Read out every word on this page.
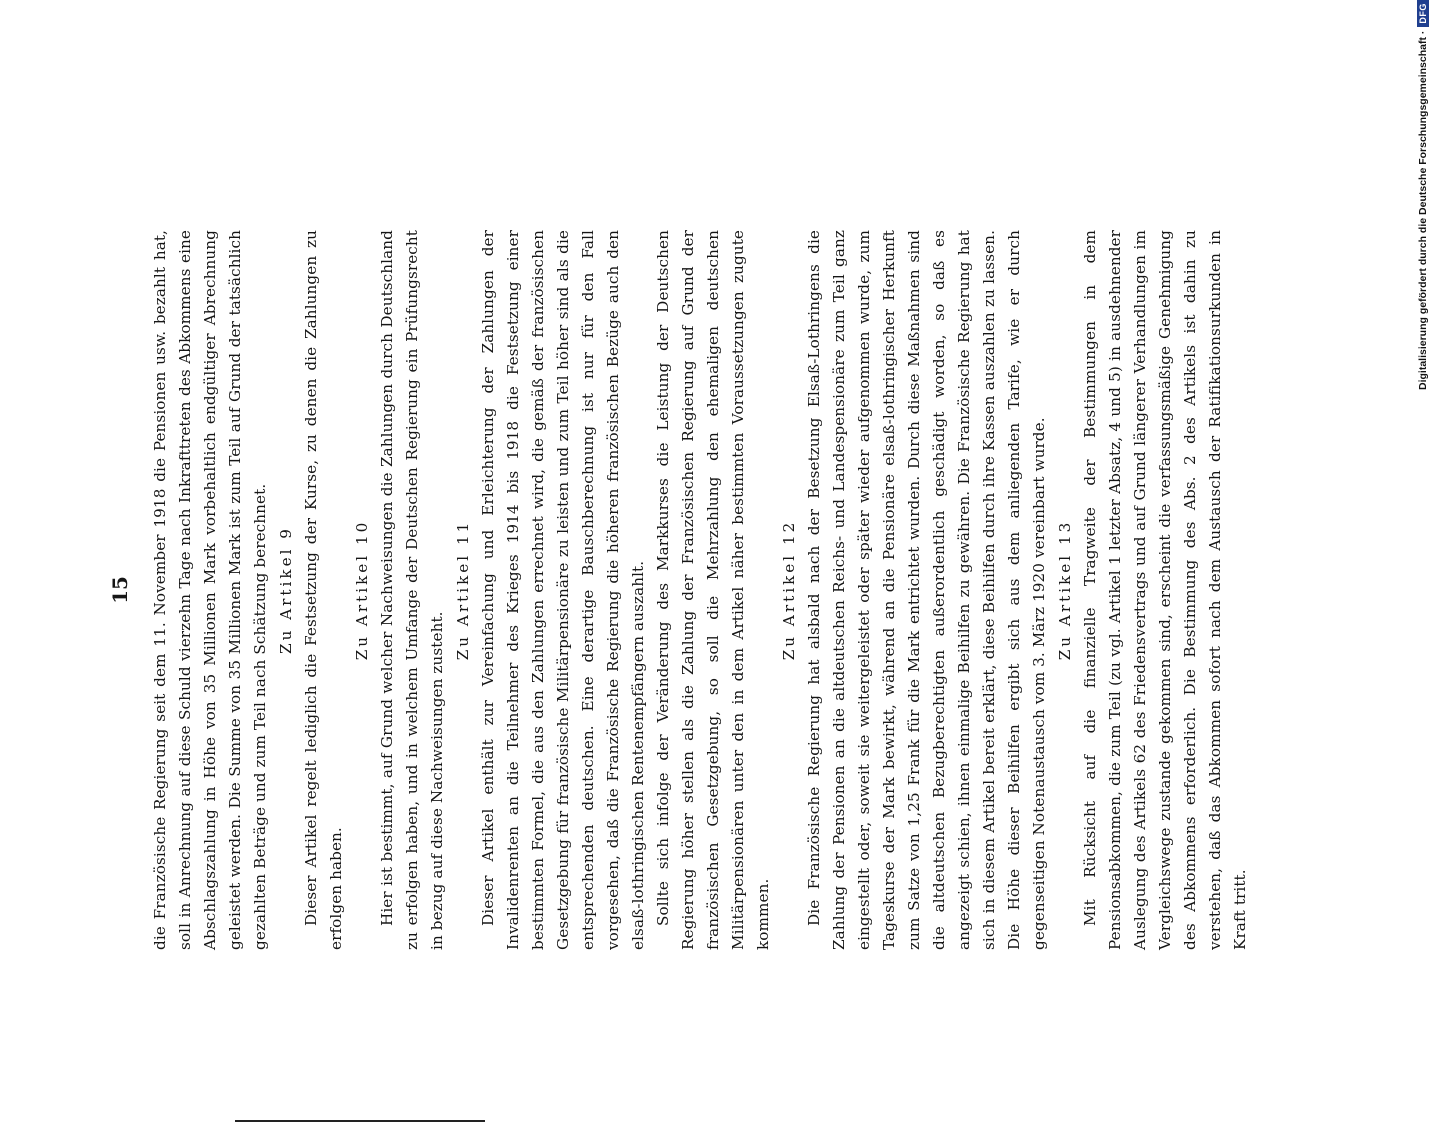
15 die Französische Regierung seit dem 11. November 1918 die Pensionen usw. bezahlt hat, soll in Anrechnung auf diese Schuld vierzehn Tage nach Inkrafttreten des Abkommens eine Abschlagszahlung in Höhe von 35 Millionen Mark vorbehaltlich endgültiger Abrechnung geleistet werden. Die Summe von 35 Millionen Mark ist zum Teil auf Grund der tatsächlich gezahlten Beträge und zum Teil nach Schätzung berechnet. Zu Artikel 9 Dieser Artikel regelt lediglich die Festsetzung der Kurse, zu denen die Zahlungen zu erfolgen haben.

Zu Artikel 10 Hier ist bestimmt, auf Grund welcher Nachweisungen die Zahlungen durch Deutschland zu erfolgen haben, und in welchem Umfange der Deutschen Regierung ein Prüfungsrecht in bezug auf diese Nachweisungen zusteht.

Zu Artikel 11 Dieser Artikel enthält zur Vereinfachung und Erleichterung der Zahlungen der Invalidenrenten an die Teilnehmer des Krieges 1914 bis 1918 die Festsetzung einer bestimmten Formel, die aus den Zahlungen errechnet wird, die gemäß der französischen Gesetzgebung für französische Militärpensionäre zu leisten und zum Teil höher sind als die entsprechenden deutschen. Eine derartige Bauschberechnung ist nur für den Fall vorgesehen, daß die Französische Regierung die höheren französischen Bezüge auch den elsaß-lothringischen Rentenempfängern auszahlt. Sollte sich infolge der Veränderung des Markkurses die Leistung der Deutschen Regierung höher stellen als die Zahlung der Französischen Regierung auf Grund der französischen Gesetzgebung, so soll die Mehrzahlung den ehemaligen deutschen Militärpensionären unter den in dem Artikel näher bestimmten Voraussetzungen zugute kommen.

Zu Artikel 12 Die Französische Regierung hat alsbald nach der Besetzung Elsaß-Lothringens die Zahlung der Pensionen an die altdeutschen Reichs- und Landespensionäre zum Teil ganz eingestellt oder, soweit sie weitergeleistet oder später wieder aufgenommen wurde, zum Tageskurse der Mark bewirkt, während an die Pensionäre elsaß-lothringischer Herkunft zum Satze von 1,25 Frank für die Mark entrichtet wurden. Durch diese Maßnahmen sind die altdeutschen Bezugberechtigten außerordentlich geschädigt worden, so daß es angezeigt schien, ihnen einmalige Beihilfen zu gewähren. Die Französische Regierung hat sich in diesem Artikel bereit erklärt, diese Beihilfen durch ihre Kassen auszahlen zu lassen. Die Höhe dieser Beihilfen ergibt sich aus dem anliegenden Tarife, wie er durch gegenseitigen Notenaustausch vom 3. März 1920 vereinbart wurde. Zu Artikel 13 Mit Rücksicht auf die finanzielle Tragweite der Bestimmungen in dem Pensionsabkommen, die zum Teil (zu vgl. Artikel 1 letzter Absatz, 4 und 5) in ausdehnender Auslegung des Artikels 62 des Friedensvertrags und auf Grund längerer Verhandlungen im Vergleichswege zustande gekommen sind, erscheint die verfassungsmäßige Genehmigung des Abkommens erforderlich. Die Bestimmung des Abs. 2 des Artikels ist dahin zu verstehen, daß das Abkommen sofort nach dem Austausch der Ratifikationsurkunden in Kraft tritt.

Digitalisierung gefördert durch die Deutsche Forschungsgemeinschaft ·
DFG
